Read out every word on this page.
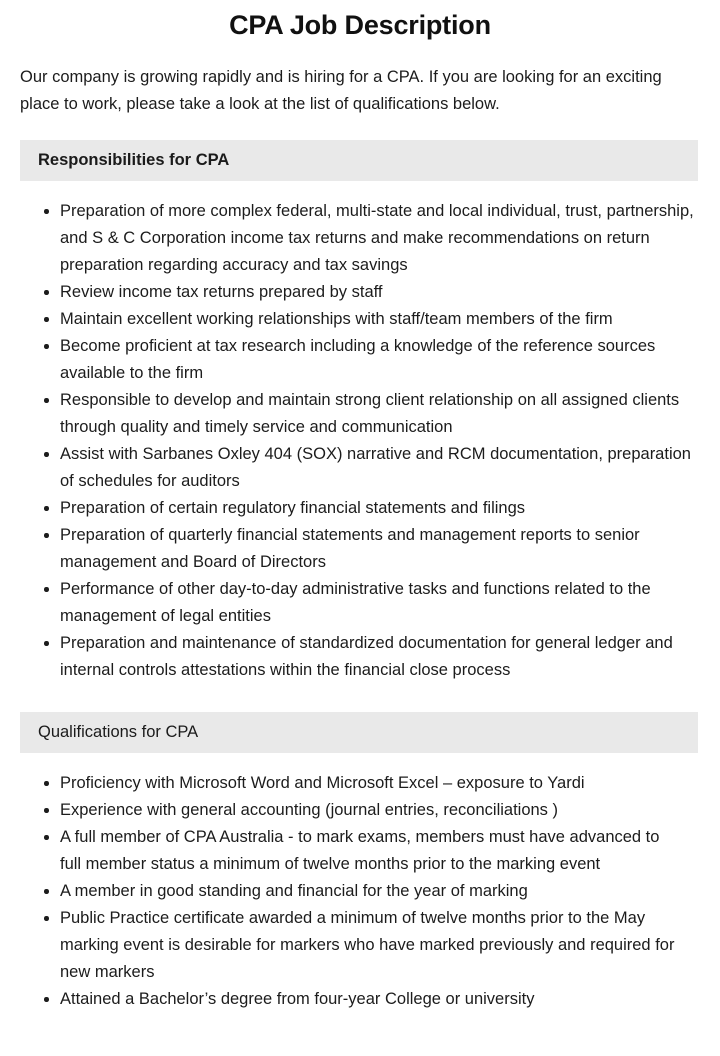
CPA Job Description

Our company is growing rapidly and is hiring for a CPA. If you are looking for an exciting place to work, please take a look at the list of qualifications below.

Responsibilities for CPA
Preparation of more complex federal, multi-state and local individual, trust, partnership, and S & C Corporation income tax returns and make recommendations on return preparation regarding accuracy and tax savings
Review income tax returns prepared by staff
Maintain excellent working relationships with staff/team members of the firm
Become proficient at tax research including a knowledge of the reference sources available to the firm
Responsible to develop and maintain strong client relationship on all assigned clients through quality and timely service and communication
Assist with Sarbanes Oxley 404 (SOX) narrative and RCM documentation, preparation of schedules for auditors
Preparation of certain regulatory financial statements and filings
Preparation of quarterly financial statements and management reports to senior management and Board of Directors
Performance of other day-to-day administrative tasks and functions related to the management of legal entities
Preparation and maintenance of standardized documentation for general ledger and internal controls attestations within the financial close process
Qualifications for CPA
Proficiency with Microsoft Word and Microsoft Excel – exposure to Yardi
Experience with general accounting (journal entries, reconciliations )
A full member of CPA Australia - to mark exams, members must have advanced to full member status a minimum of twelve months prior to the marking event
A member in good standing and financial for the year of marking
Public Practice certificate awarded a minimum of twelve months prior to the May marking event is desirable for markers who have marked previously and required for new markers
Attained a Bachelor’s degree from four-year College or university
